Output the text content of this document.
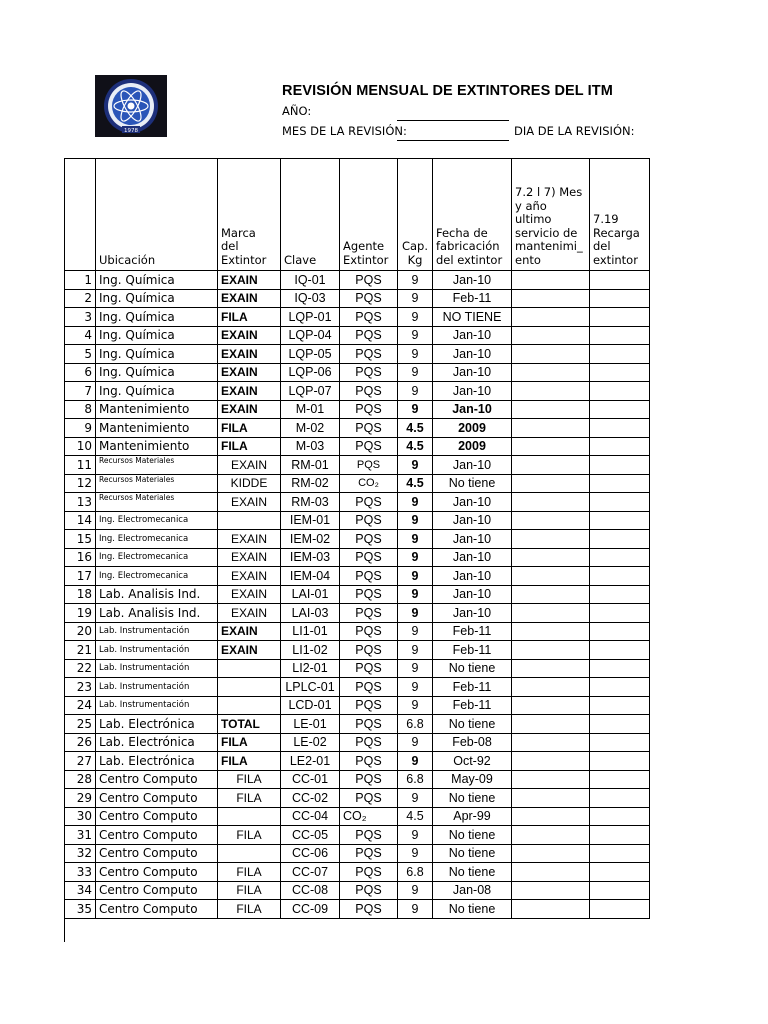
1978
REVISIÓN MENSUAL DE EXTINTORES DEL ITM
AÑO:
MES DE LA REVISIÓN:	DIA DE LA REVISIÓN:
	Ubicación	Marca del Extintor	Clave	Agente Extintor	Cap. Kg	Fecha de fabricación del extintor	7.2 l 7) Mes y año ultimo servicio de mantenimi_ ento	7.19 Recarga del extintor
1	Ing. Química	EXAIN	IQ-01	PQS	9	Jan-10		
2	Ing. Química	EXAIN	IQ-03	PQS	9	Feb-11		
3	Ing. Química	FILA	LQP-01	PQS	9	NO TIENE		
4	Ing. Química	EXAIN	LQP-04	PQS	9	Jan-10		
5	Ing. Química	EXAIN	LQP-05	PQS	9	Jan-10		
6	Ing. Química	EXAIN	LQP-06	PQS	9	Jan-10		
7	Ing. Química	EXAIN	LQP-07	PQS	9	Jan-10		
8	Mantenimiento	EXAIN	M-01	PQS	9	Jan-10		
9	Mantenimiento	FILA	M-02	PQS	4.5	2009		
10	Mantenimiento	FILA	M-03	PQS	4.5	2009		
11	Recursos Materiales	EXAIN	RM-01	PQS	9	Jan-10		
12	Recursos Materiales	KIDDE	RM-02	CO₂	4.5	No tiene		
13	Recursos Materiales	EXAIN	RM-03	PQS	9	Jan-10		
14	Ing. Electromecanica		IEM-01	PQS	9	Jan-10		
15	Ing. Electromecanica	EXAIN	IEM-02	PQS	9	Jan-10		
16	Ing. Electromecanica	EXAIN	IEM-03	PQS	9	Jan-10		
17	Ing. Electromecanica	EXAIN	IEM-04	PQS	9	Jan-10		
18	Lab. Analisis Ind.	EXAIN	LAI-01	PQS	9	Jan-10		
19	Lab. Analisis Ind.	EXAIN	LAI-03	PQS	9	Jan-10		
20	Lab. Instrumentación	EXAIN	LI1-01	PQS	9	Feb-11		
21	Lab. Instrumentación	EXAIN	LI1-02	PQS	9	Feb-11		
22	Lab. Instrumentación		LI2-01	PQS	9	No tiene		
23	Lab. Instrumentación		LPLC-01	PQS	9	Feb-11		
24	Lab. Instrumentación		LCD-01	PQS	9	Feb-11		
25	Lab. Electrónica	TOTAL	LE-01	PQS	6.8	No tiene		
26	Lab. Electrónica	FILA	LE-02	PQS	9	Feb-08		
27	Lab. Electrónica	FILA	LE2-01	PQS	9	Oct-92		
28	Centro Computo	FILA	CC-01	PQS	6.8	May-09		
29	Centro Computo	FILA	CC-02	PQS	9	No tiene		
30	Centro Computo		CC-04	CO₂	4.5	Apr-99		
31	Centro Computo	FILA	CC-05	PQS	9	No tiene		
32	Centro Computo		CC-06	PQS	9	No tiene		
33	Centro Computo	FILA	CC-07	PQS	6.8	No tiene		
34	Centro Computo	FILA	CC-08	PQS	9	Jan-08		
35	Centro Computo	FILA	CC-09	PQS	9	No tiene		
